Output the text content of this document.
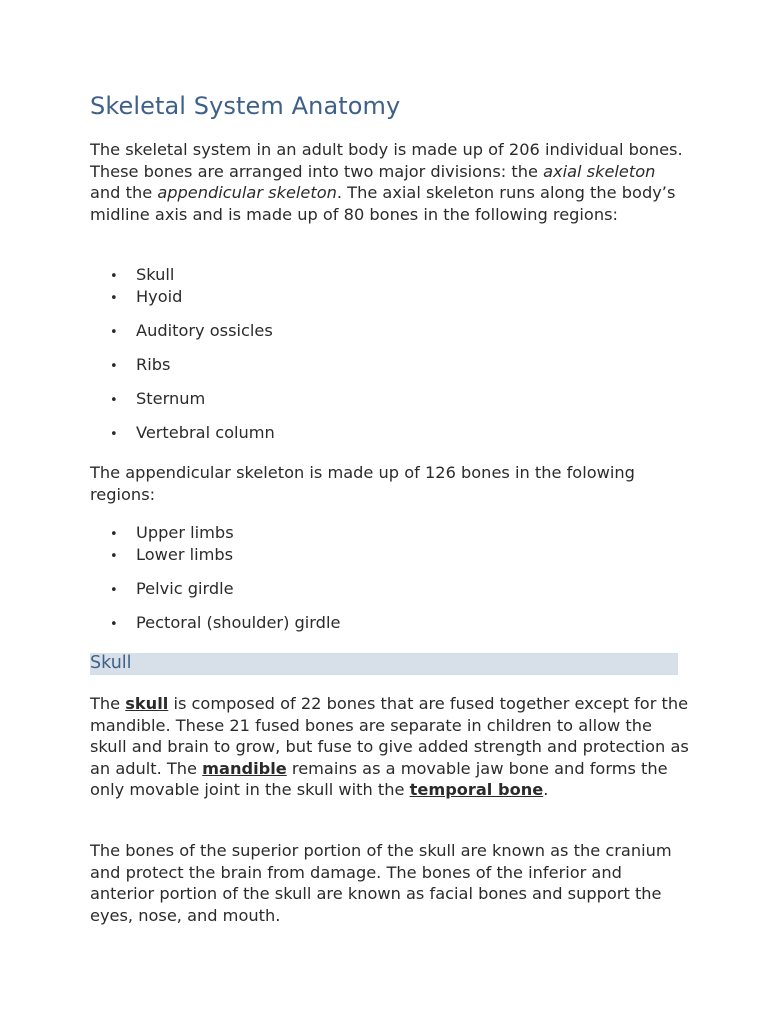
Skeletal System Anatomy

The skeletal system in an adult body is made up of 206 individual bones. These bones are arranged into two major divisions: the axial skeleton and the appendicular skeleton. The axial skeleton runs along the body’s midline axis and is made up of 80 bones in the following regions:

• Skull
• Hyoid
• Auditory ossicles
• Ribs
• Sternum
• Vertebral column

The appendicular skeleton is made up of 126 bones in the folowing regions:

• Upper limbs
• Lower limbs
• Pelvic girdle
• Pectoral (shoulder) girdle
Skull

The skull is composed of 22 bones that are fused together except for the mandible. These 21 fused bones are separate in children to allow the skull and brain to grow, but fuse to give added strength and protection as an adult. The mandible remains as a movable jaw bone and forms the only movable joint in the skull with the temporal bone.

The bones of the superior portion of the skull are known as the cranium and protect the brain from damage. The bones of the inferior and anterior portion of the skull are known as facial bones and support the eyes, nose, and mouth.
